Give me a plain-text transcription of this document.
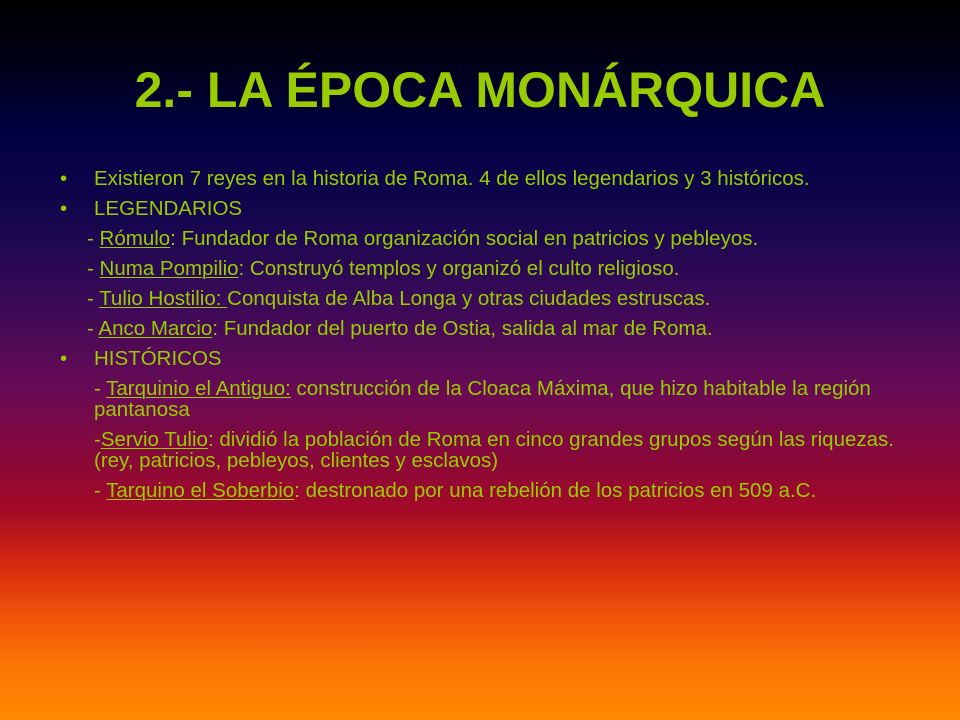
2.- LA ÉPOCA MONÁRQUICA
• Existieron 7 reyes en la historia de Roma. 4 de ellos legendarios y 3 históricos.
• LEGENDARIOS
- Rómulo: Fundador de Roma organización social en patricios y pebleyos.
- Numa Pompilio: Construyó templos y organizó el culto religioso.
- Tulio Hostilio: Conquista de Alba Longa y otras ciudades estruscas.
- Anco Marcio: Fundador del puerto de Ostia, salida al mar de Roma.
• HISTÓRICOS
- Tarquinio el Antiguo: construcción de la Cloaca Máxima, que hizo habitable la región pantanosa
-Servio Tulio: dividió la población de Roma en cinco grandes grupos según las riquezas. (rey, patricios, pebleyos, clientes y esclavos)
- Tarquino el Soberbio: destronado por una rebelión de los patricios en 509 a.C.
